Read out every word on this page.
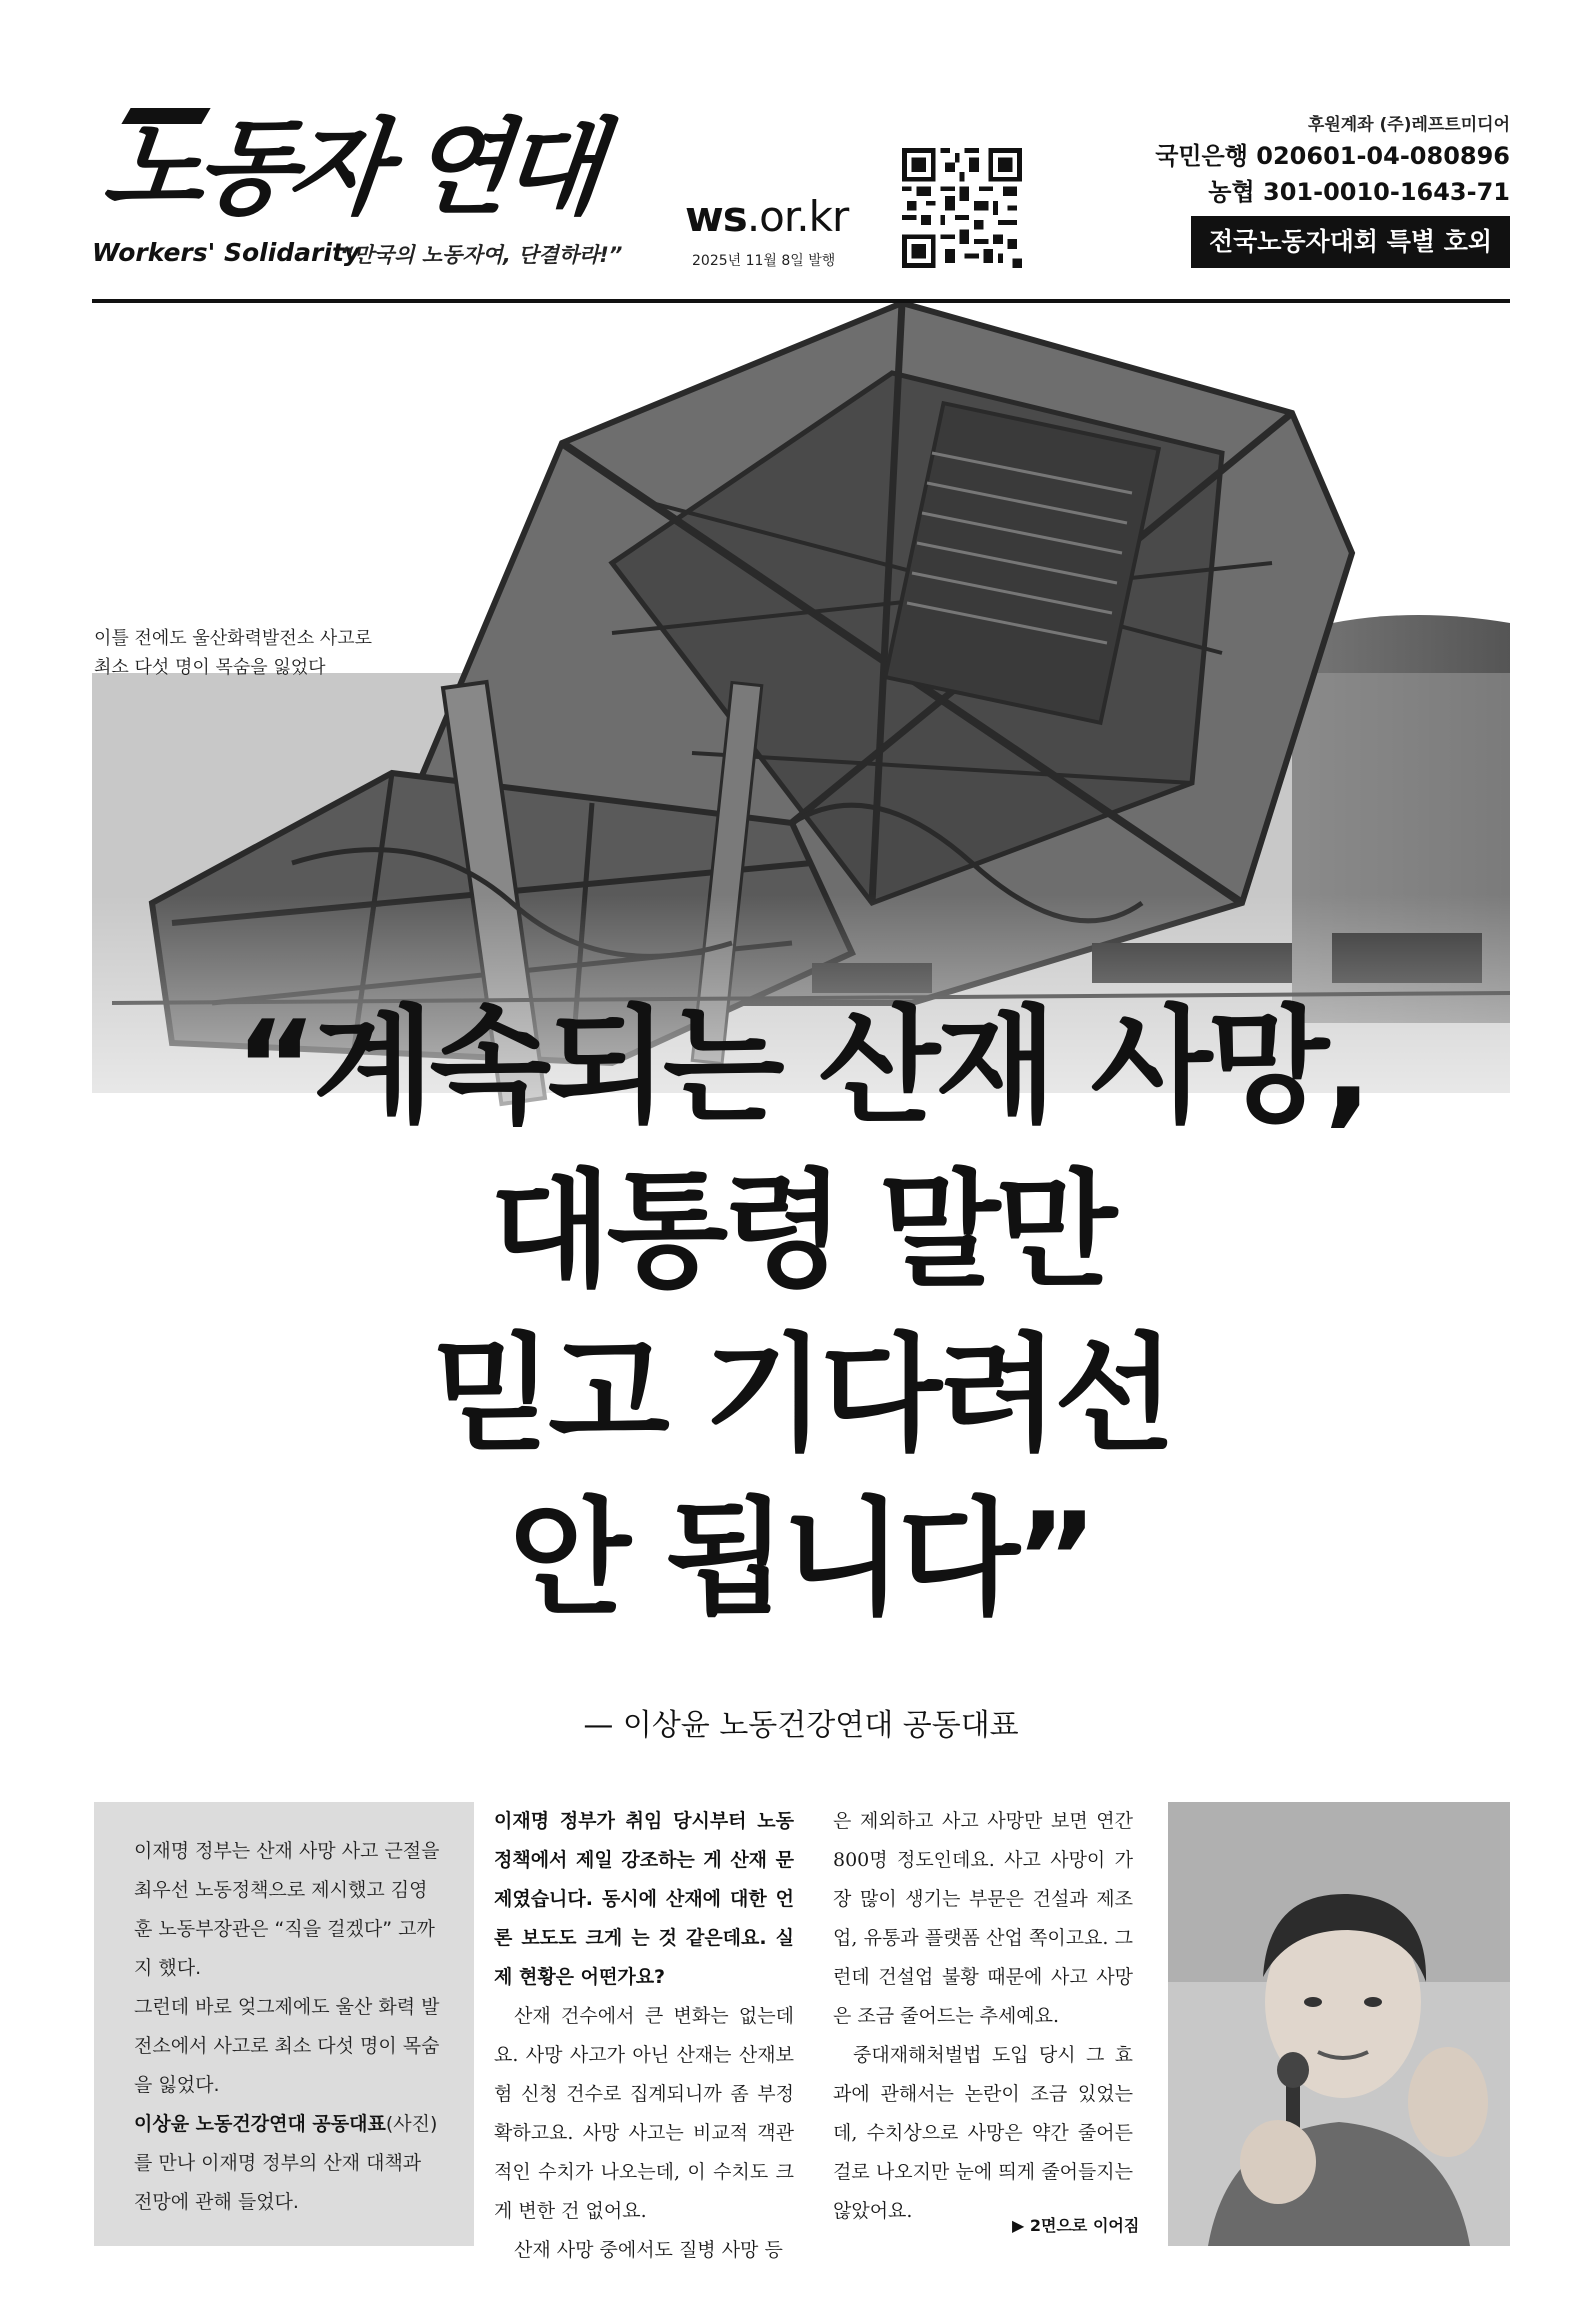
노동자 연대
Workers' Solidarity
“만국의 노동자여, 단결하라!”
ws.or.kr
2025년 11월 8일 발행
후원계좌 (주)레프트미디어
국민은행 020601-04-080896
농협 301-0010-1643-71
전국노동자대회 특별 호외
이틀 전에도 울산화력발전소 사고로
최소 다섯 명이 목숨을 잃었다
“계속되는 산재 사망,
대통령 말만
믿고 기다려선
안 됩니다”
— 이상윤 노동건강연대 공동대표

이재명 정부는 산재 사망 사고 근절을 최우선 노동정책으로 제시했고 김영훈 노동부장관은 “직을 걸겠다” 고까지 했다.

그런데 바로 엊그제에도 울산 화력 발전소에서 사고로 최소 다섯 명이 목숨을 잃었다.

이상윤 노동건강연대 공동대표(사진)를 만나 이재명 정부의 산재 대책과 전망에 관해 들었다.

이재명 정부가 취임 당시부터 노동정책에서 제일 강조하는 게 산재 문제였습니다. 동시에 산재에 대한 언론 보도도 크게 는 것 같은데요. 실제 현황은 어떤가요?

산재 건수에서 큰 변화는 없는데요. 사망 사고가 아닌 산재는 산재보험 신청 건수로 집계되니까 좀 부정확하고요. 사망 사고는 비교적 객관적인 수치가 나오는데, 이 수치도 크게 변한 건 없어요.

산재 사망 중에서도 질병 사망 등

은 제외하고 사고 사망만 보면 연간 800명 정도인데요. 사고 사망이 가장 많이 생기는 부문은 건설과 제조업, 유통과 플랫폼 산업 쪽이고요. 그런데 건설업 불황 때문에 사고 사망은 조금 줄어드는 추세예요.

중대재해처벌법 도입 당시 그 효과에 관해서는 논란이 조금 있었는데, 수치상으로 사망은 약간 줄어든 걸로 나오지만 눈에 띄게 줄어들지는 않았어요.

▶ 2면으로 이어짐
